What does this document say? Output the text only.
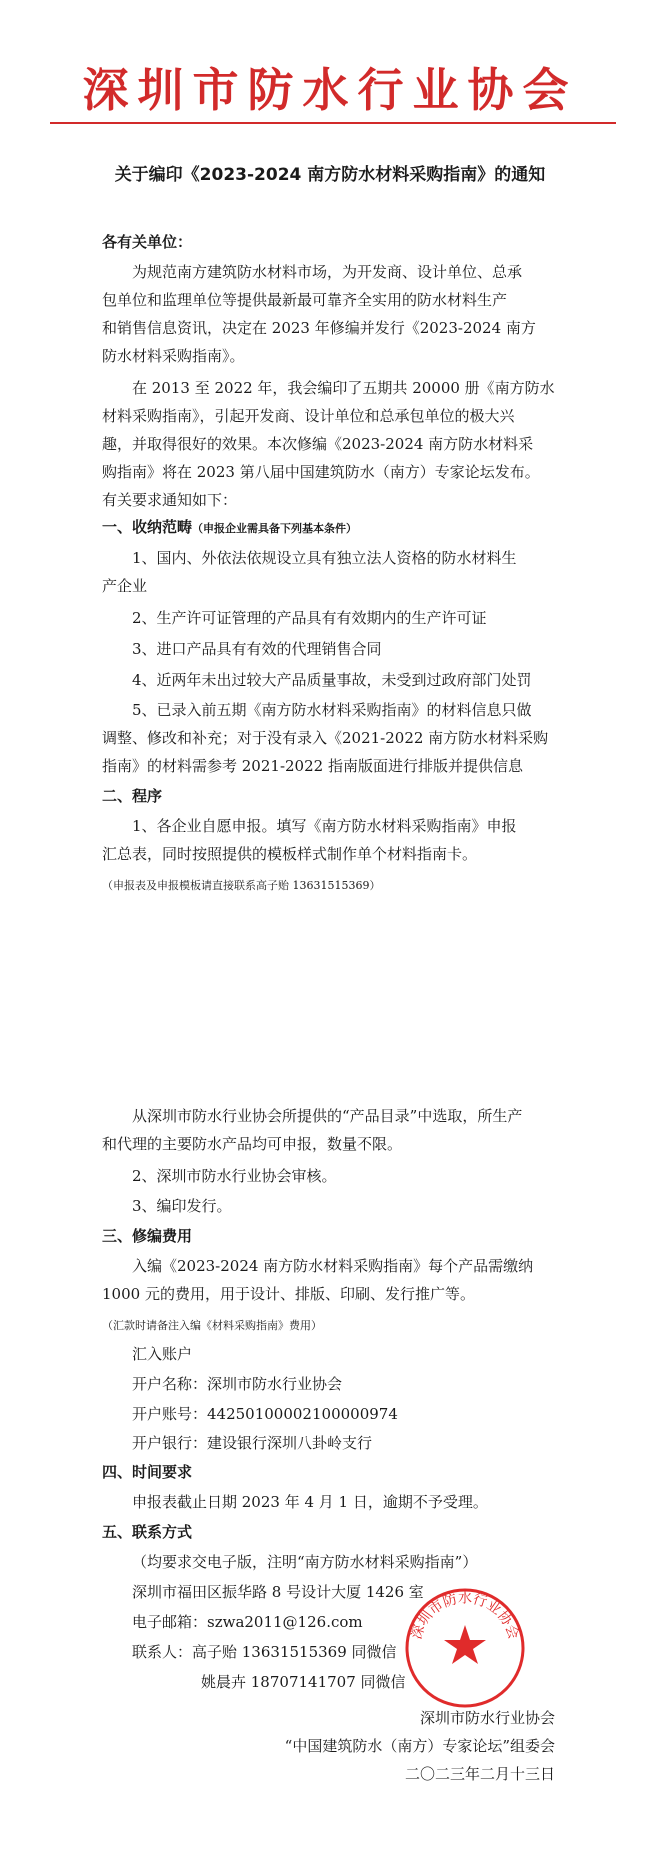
深圳市防水行业协会
关于编印《2023-2024 南方防水材料采购指南》的通知
各有关单位：
为规范南方建筑防水材料市场，为开发商、设计单位、总承
包单位和监理单位等提供最新最可靠齐全实用的防水材料生产
和销售信息资讯，决定在 2023 年修编并发行《2023-2024 南方
防水材料采购指南》。
在 2013 至 2022 年，我会编印了五期共 20000 册《南方防水
材料采购指南》，引起开发商、设计单位和总承包单位的极大兴
趣，并取得很好的效果。本次修编《2023-2024 南方防水材料采
购指南》将在 2023 第八届中国建筑防水（南方）专家论坛发布。
有关要求通知如下：
一、收纳范畴（申报企业需具备下列基本条件）
1、国内、外依法依规设立具有独立法人资格的防水材料生
产企业
2、生产许可证管理的产品具有有效期内的生产许可证
3、进口产品具有有效的代理销售合同
4、近两年未出过较大产品质量事故，未受到过政府部门处罚
5、已录入前五期《南方防水材料采购指南》的材料信息只做
调整、修改和补充；对于没有录入《2021-2022 南方防水材料采购
指南》的材料需参考 2021-2022 指南版面进行排版并提供信息
二、程序
1、各企业自愿申报。填写《南方防水材料采购指南》申报
汇总表，同时按照提供的模板样式制作单个材料指南卡。
（申报表及申报模板请直接联系高子贻 13631515369）
从深圳市防水行业协会所提供的“产品目录”中选取，所生产
和代理的主要防水产品均可申报，数量不限。
2、深圳市防水行业协会审核。
3、编印发行。
三、修编费用
入编《2023-2024 南方防水材料采购指南》每个产品需缴纳
1000 元的费用，用于设计、排版、印刷、发行推广等。
（汇款时请备注入编《材料采购指南》费用）
汇入账户
开户名称：深圳市防水行业协会
开户账号：44250100002100000974
开户银行：建设银行深圳八卦岭支行
四、时间要求
申报表截止日期 2023 年 4 月 1 日，逾期不予受理。
五、联系方式
（均要求交电子版，注明“南方防水材料采购指南”）
深圳市福田区振华路 8 号设计大厦 1426 室
电子邮箱：szwa2011@126.com
联系人：高子贻 13631515369 同微信
姚晨卉 18707141707 同微信
深圳市防水行业协会
深圳市防水行业协会
“中国建筑防水（南方）专家论坛”组委会
二〇二三年二月十三日
